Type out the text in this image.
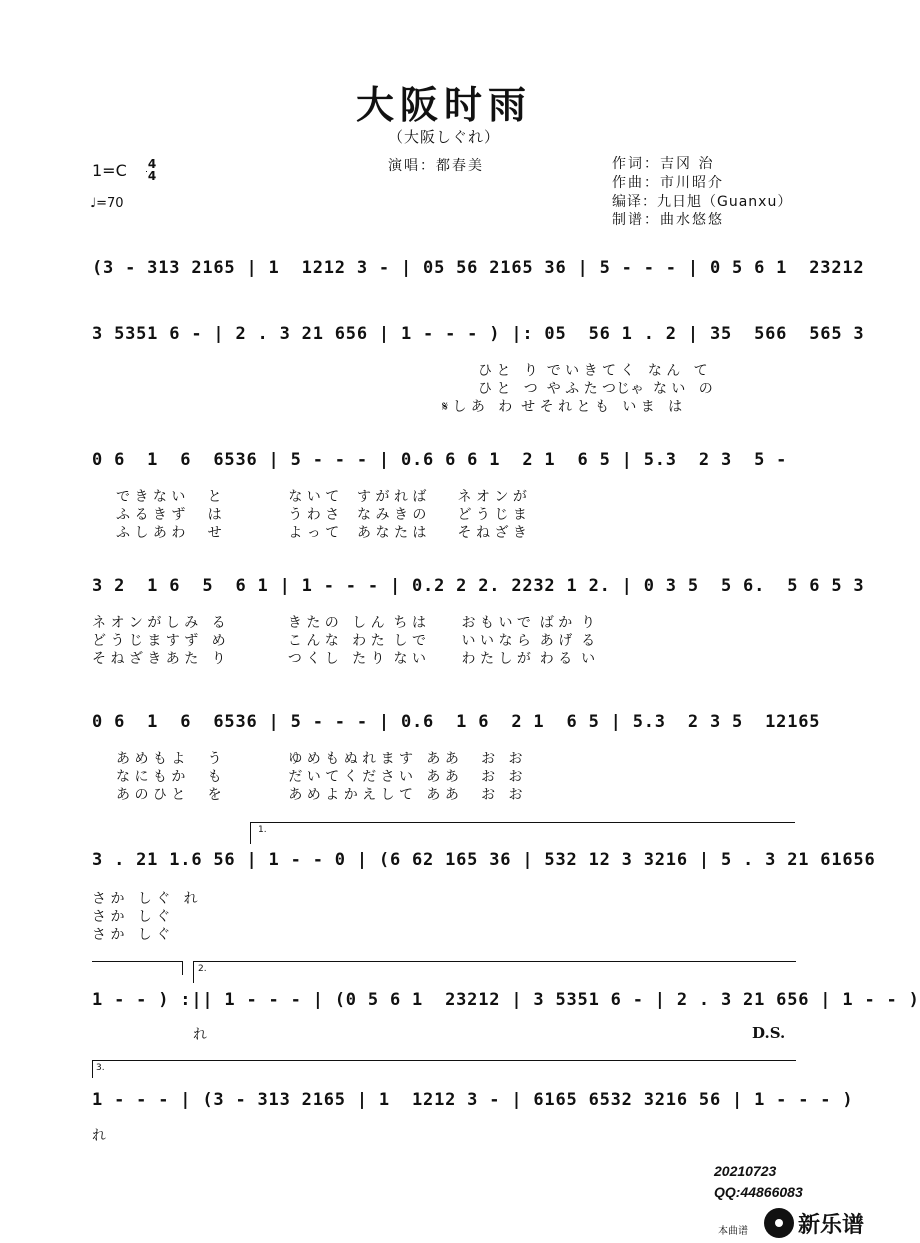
大阪时雨
（大阪しぐれ）
1=C 4
4
♩=70
演唱：都春美	作词：吉冈 治
作曲：市川昭介
编译：九日旭（Guanxu）
制谱：曲水悠悠
(3 - 313 2165 | 1  1212 3 - | 05 56 2165 36 | 5 - - - | 0 5 6 1  23212
3 5351 6 - | 2 . 3 21 656 | 1 - - - ) |: 05  56 1 . 2 | 35  566  565 3
ひ と   り  で い き て く   な ん   て
ひ と   つ  や ふ た つじゃ  な い   の
𝄋 し あ   わ  せ そ れ と も   い ま   は
0 6  1  6  6536 | 5 - - - | 0.6 6 6 1  2 1  6 5 | 5.3  2 3  5 -
で き な い     と               な い て    す が れ ば       ネ オ ン が
ふ る き ず     は               う わ さ    な み き の       ど う じ ま
ふ し あ わ     せ               よ っ て    あ な た は       そ ね ざ き
3 2  1 6  5  6 1 | 1 - - - | 0.2 2 2. 2232 1 2. | 0 3 5  5 6.  5 6 5 3
ネ オ ン が し み   る              き た の   し ん  ち は        お も い で  ば か  り
ど う じ ま す ず   め              こ ん な   わ た  し で        い い な ら  あ げ  る
そ ね ざ き あ た   り              つ く し   た り  な い        わ た し が  わ る  い
0 6  1  6  6536 | 5 - - - | 0.6  1 6  2 1  6 5 | 5.3  2 3 5  12165
あ め も よ     う               ゆ め も ぬ れ ま す   あ あ     お   お
な に も か     も               だ い て く だ さ い   あ あ     お   お
あ の ひ と     を               あ め よ か え し て   あ あ     お   お
1.
3 . 21 1.6 56 | 1 - - 0 | (6 62 165 36 | 532 12 3 3216 | 5 . 3 21 61656
さ か   し ぐ   れ
さ か   し ぐ
さ か   し ぐ
2.
1 - - ) :|| 1 - - - | (0 5 6 1  23212 | 3 5351 6 - | 2 . 3 21 656 | 1 - - )
れ	D.S.
3.
1 - - - | (3 - 313 2165 | 1  1212 3 - | 6165 6532 3216 56 | 1 - - - )
れ
20210723
QQ:44866083
本曲谱 新乐谱
